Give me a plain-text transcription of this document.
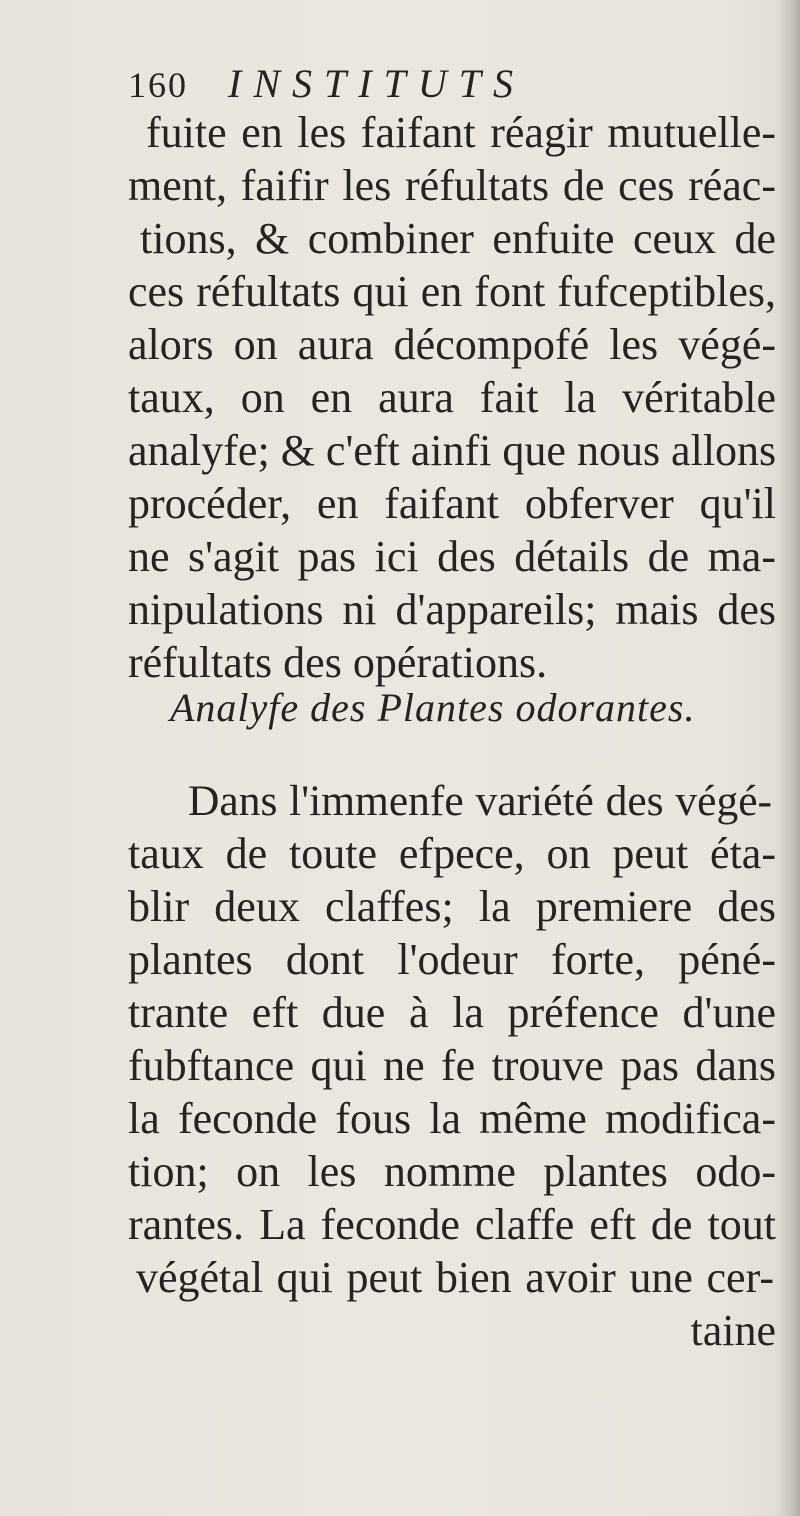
160 INSTITUTS
fuite en les faifant réagir mutuelle-
ment, faifir les réfultats de ces réac-
tions, & combiner enfuite ceux de
ces réfultats qui en font fufceptibles,
alors on aura décompofé les végé-
taux, on en aura fait la véritable
analyfe; & c'eft ainfi que nous allons
procéder, en faifant obferver qu'il
ne s'agit pas ici des détails de ma-
nipulations ni d'appareils; mais des
réfultats des opérations.
Analyfe des Plantes odorantes.
Dans l'immenfe variété des végé-
taux de toute efpece, on peut éta-
blir deux claffes; la premiere des
plantes dont l'odeur forte, péné-
trante eft due à la préfence d'une
fubftance qui ne fe trouve pas dans
la feconde fous la même modifica-
tion; on les nomme plantes odo-
rantes. La feconde claffe eft de tout
végétal qui peut bien avoir une cer-
taine
